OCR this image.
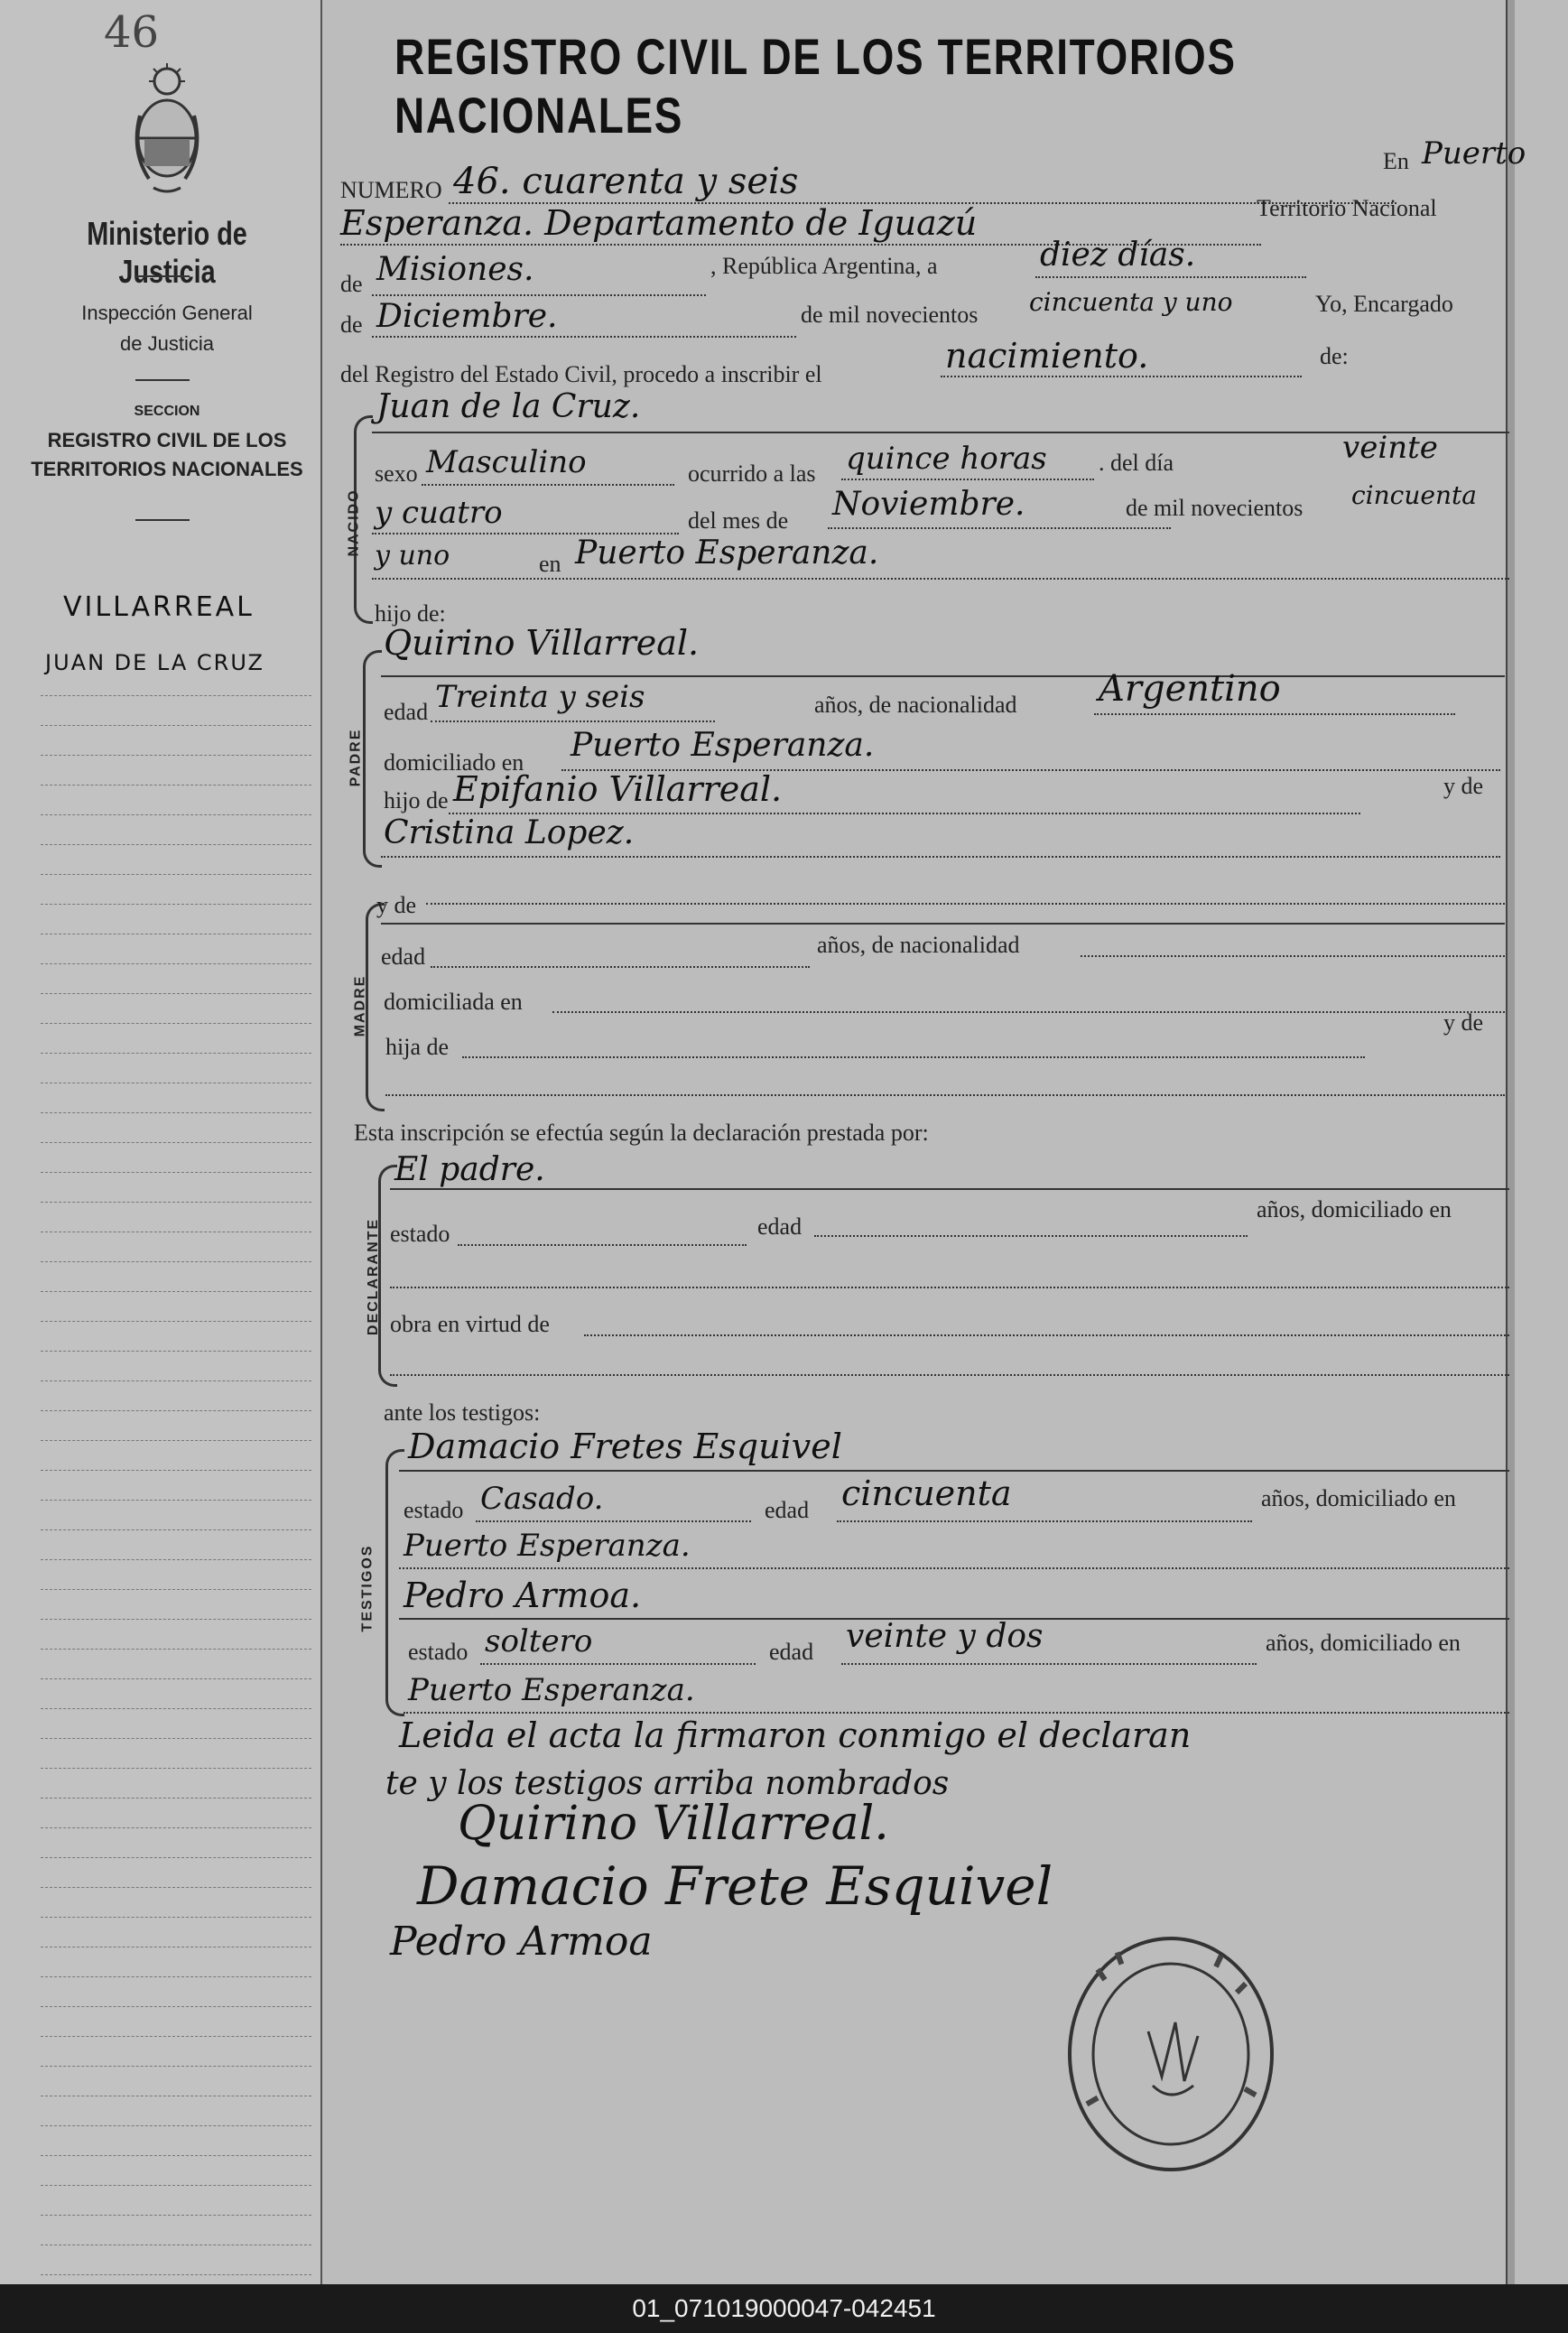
46
Ministerio de Justicia
Inspección General
de Justicia
SECCION
REGISTRO CIVIL DE LOS
TERRITORIOS NACIONALES
VILLARREAL
JUAN DE LA CRUZ
REGISTRO CIVIL DE LOS TERRITORIOS NACIONALES
NUMERO 46. cuarenta y seis	En Puerto
Esperanza. Departamento de Iguazú	Territorio Nacional
de Misiones.	, República Argentina, a	diez días.
de Diciembre.	de mil novecientos cincuenta y uno	Yo, Encargado
del Registro del Estado Civil, procedo a inscribir el	nacimiento.	de:
NACIDO
Juan de la Cruz.
sexo Masculino	ocurrido a las quince horas . del día	veinte
y cuatro	del mes de Noviembre.	de mil novecientos cincuenta
y uno	en Puerto Esperanza.
hijo de:
PADRE
Quirino Villarreal.
edad Treinta y seis	años, de nacionalidad Argentino
domiciliado en Puerto Esperanza.
hijo de Epifanio Villarreal.	y de
Cristina Lopez.
MADRE
y de
edad	años, de nacionalidad
domiciliada en
hija de
y de
Esta inscripción se efectúa según la declaración prestada por:
DECLARANTE
El padre.
años, domiciliado en
estado	edad
obra en virtud de
ante los testigos:
TESTIGOS
Damacio Fretes Esquivel
estado Casado.	edad cincuenta	años, domiciliado en
Puerto Esperanza.
Pedro Armoa.
estado soltero	edad veinte y dos	años, domiciliado en
Puerto Esperanza.
Leida el acta la firmaron conmigo el declaran
te y los testigos arriba nombrados
Quirino Villarreal.
Damacio Frete Esquivel
Pedro Armoa
01_071019000047-042451
